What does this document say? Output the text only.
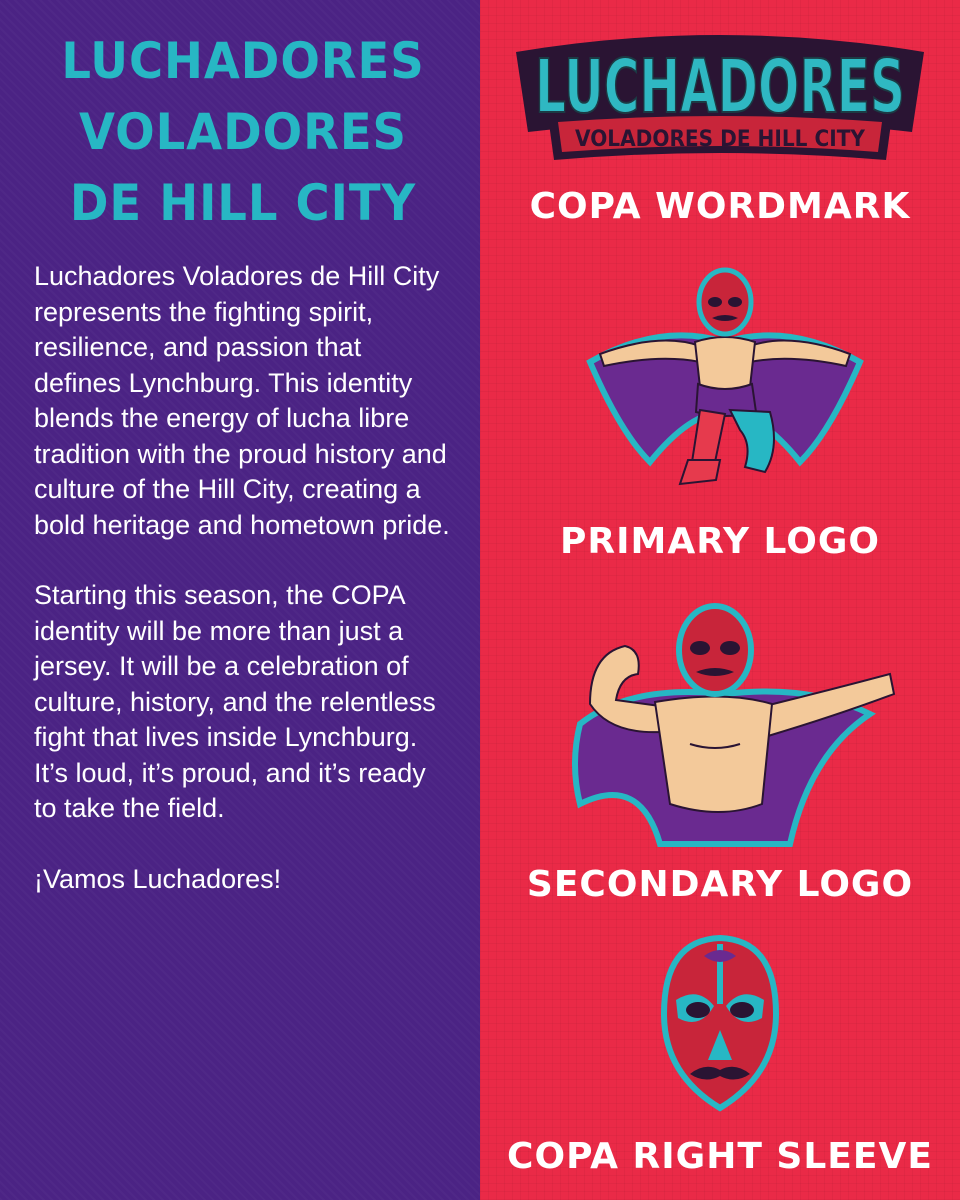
LUCHADORES
VOLADORES
DE HILL CITY

Luchadores Voladores de Hill City represents the fighting spirit, resilience, and passion that defines Lynchburg. This identity blends the energy of lucha libre tradition with the proud history and culture of the Hill City, creating a bold heritage and hometown pride.

Starting this season, the COPA identity will be more than just a jersey. It will be a celebration of culture, history, and the relentless fight that lives inside Lynchburg. It’s loud, it’s proud, and it’s ready to take the field.

¡Vamos Luchadores!

LUCHADORES
VOLADORES DE HILL CITY
COPA WORDMARK
PRIMARY LOGO
SECONDARY LOGO
COPA RIGHT SLEEVE
